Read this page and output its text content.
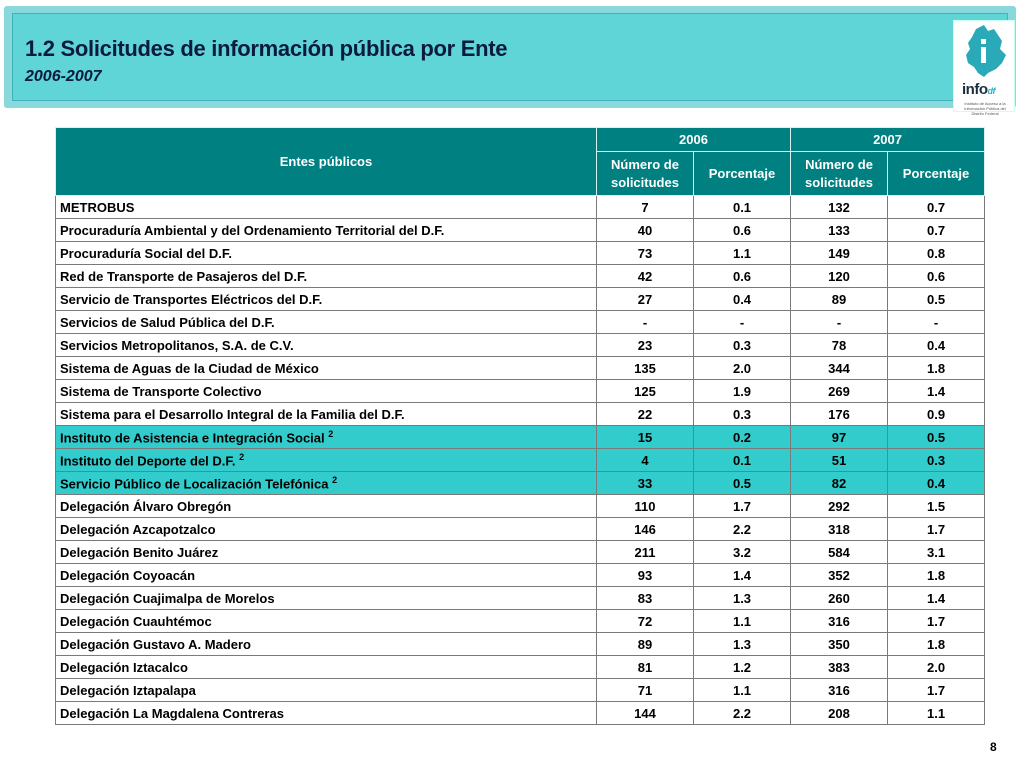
1.2 Solicitudes de información pública por Ente
2006-2007
infodf
Instituto de Acceso a la Información Pública del Distrito Federal
Entes públicos	2006		2007	
	Número de solicitudes	Porcentaje	Número de solicitudes	Porcentaje
METROBUS	7	0.1	132	0.7
Procuraduría Ambiental y del Ordenamiento Territorial del D.F.	40	0.6	133	0.7
Procuraduría Social del D.F.	73	1.1	149	0.8
Red de Transporte de Pasajeros del D.F.	42	0.6	120	0.6
Servicio de Transportes Eléctricos del D.F.	27	0.4	89	0.5
Servicios de Salud Pública del D.F.	-	-	-	-
Servicios Metropolitanos, S.A. de C.V.	23	0.3	78	0.4
Sistema de Aguas de la Ciudad de México	135	2.0	344	1.8
Sistema de Transporte Colectivo	125	1.9	269	1.4
Sistema para el Desarrollo Integral de la Familia del D.F.	22	0.3	176	0.9
Instituto de Asistencia e Integración Social $^2$	15	0.2	97	0.5
Instituto del Deporte del D.F. $^2$	4	0.1	51	0.3
Servicio Público de Localización Telefónica $^2$	33	0.5	82	0.4
Delegación Álvaro Obregón	110	1.7	292	1.5
Delegación Azcapotzalco	146	2.2	318	1.7
Delegación Benito Juárez	211	3.2	584	3.1
Delegación Coyoacán	93	1.4	352	1.8
Delegación Cuajimalpa de Morelos	83	1.3	260	1.4
Delegación Cuauhtémoc	72	1.1	316	1.7
Delegación Gustavo A. Madero	89	1.3	350	1.8
Delegación Iztacalco	81	1.2	383	2.0
Delegación Iztapalapa	71	1.1	316	1.7
Delegación La Magdalena Contreras	144	2.2	208	1.1
8
